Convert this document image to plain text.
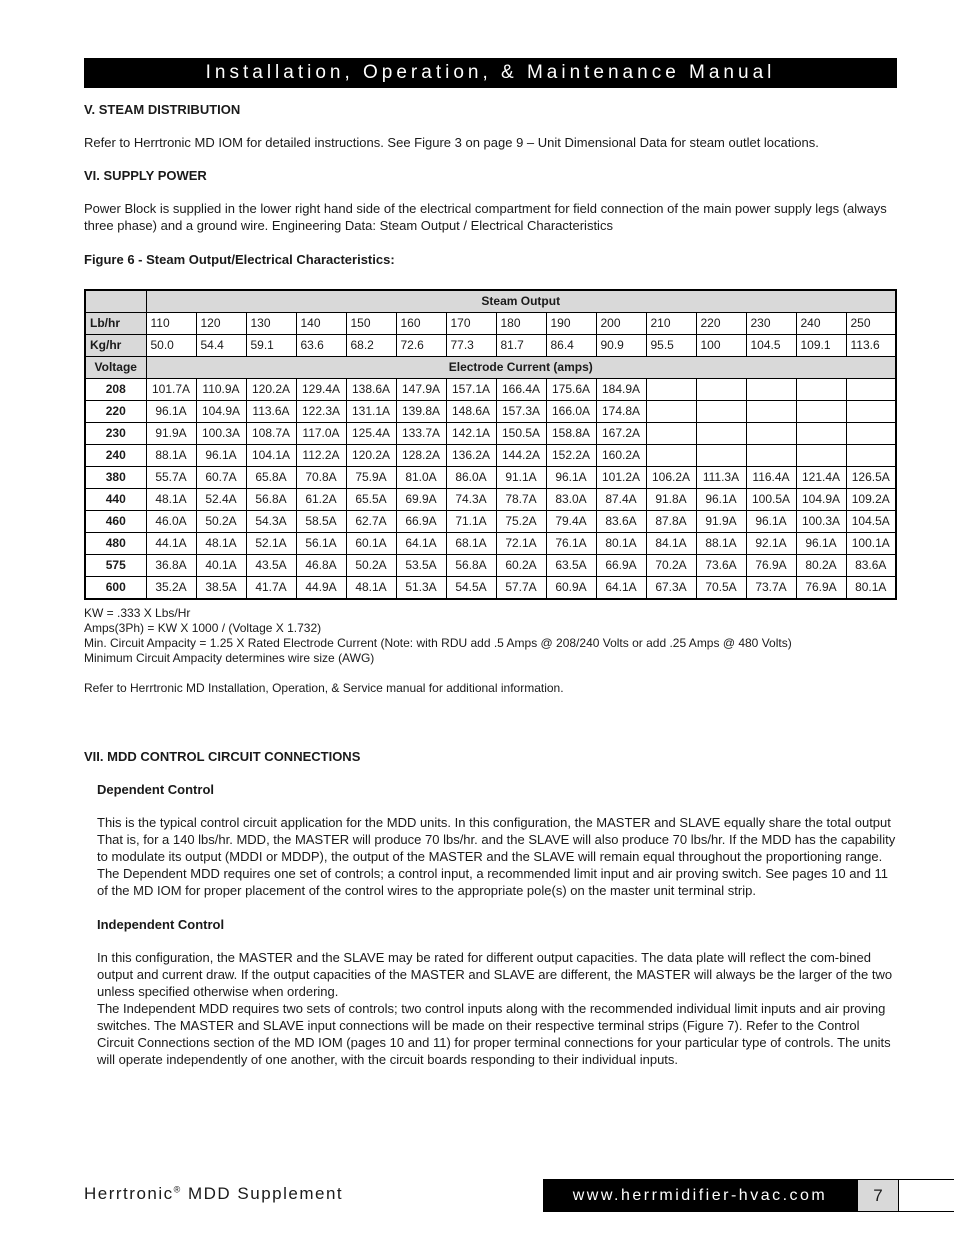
Installation, Operation, & Maintenance Manual

V. STEAM DISTRIBUTION

Refer to Herrtronic MD IOM for detailed instructions. See Figure 3 on page 9 – Unit Dimensional Data for steam outlet locations.

VI. SUPPLY POWER

Power Block is supplied in the lower right hand side of the electrical compartment for field connection of the main power supply legs (always three phase) and a ground wire. Engineering Data: Steam Output / Electrical Characteristics

Figure 6 - Steam Output/Electrical Characteristics:

	Steam Output														
Lb/hr	110	120	130	140	150	160	170	180	190	200	210	220	230	240	250
Kg/hr	50.0	54.4	59.1	63.6	68.2	72.6	77.3	81.7	86.4	90.9	95.5	100	104.5	109.1	113.6
Voltage	Electrode Current (amps)														
208	101.7A	110.9A	120.2A	129.4A	138.6A	147.9A	157.1A	166.4A	175.6A	184.9A					
220	96.1A	104.9A	113.6A	122.3A	131.1A	139.8A	148.6A	157.3A	166.0A	174.8A					
230	91.9A	100.3A	108.7A	117.0A	125.4A	133.7A	142.1A	150.5A	158.8A	167.2A					
240	88.1A	96.1A	104.1A	112.2A	120.2A	128.2A	136.2A	144.2A	152.2A	160.2A					
380	55.7A	60.7A	65.8A	70.8A	75.9A	81.0A	86.0A	91.1A	96.1A	101.2A	106.2A	111.3A	116.4A	121.4A	126.5A
440	48.1A	52.4A	56.8A	61.2A	65.5A	69.9A	74.3A	78.7A	83.0A	87.4A	91.8A	96.1A	100.5A	104.9A	109.2A
460	46.0A	50.2A	54.3A	58.5A	62.7A	66.9A	71.1A	75.2A	79.4A	83.6A	87.8A	91.9A	96.1A	100.3A	104.5A
480	44.1A	48.1A	52.1A	56.1A	60.1A	64.1A	68.1A	72.1A	76.1A	80.1A	84.1A	88.1A	92.1A	96.1A	100.1A
575	36.8A	40.1A	43.5A	46.8A	50.2A	53.5A	56.8A	60.2A	63.5A	66.9A	70.2A	73.6A	76.9A	80.2A	83.6A
600	35.2A	38.5A	41.7A	44.9A	48.1A	51.3A	54.5A	57.7A	60.9A	64.1A	67.3A	70.5A	73.7A	76.9A	80.1A

KW = .333 X Lbs/Hr

Amps(3Ph) = KW X 1000 / (Voltage X 1.732)

Min. Circuit Ampacity = 1.25 X Rated Electrode Current (Note: with RDU add .5 Amps @ 208/240 Volts or add .25 Amps @ 480 Volts)

Minimum Circuit Ampacity determines wire size (AWG)

Refer to Herrtronic MD Installation, Operation, & Service manual for additional information.

VII. MDD CONTROL CIRCUIT CONNECTIONS

Dependent Control

This is the typical control circuit application for the MDD units. In this configuration, the MASTER and SLAVE equally share the total output That is, for a 140 lbs/hr. MDD, the MASTER will produce 70 lbs/hr. and the SLAVE will also produce 70 lbs/hr. If the MDD has the capability to modulate its output (MDDI or MDDP), the output of the MASTER and the SLAVE will remain equal throughout the proportioning range.

The Dependent MDD requires one set of controls; a control input, a recommended limit input and air proving switch. See pages 10 and 11 of the MD IOM for proper placement of the control wires to the appropriate pole(s) on the master unit terminal strip.

Independent Control

In this configuration, the MASTER and the SLAVE may be rated for different output capacities. The data plate will reflect the com-bined output and current draw. If the output capacities of the MASTER and SLAVE are different, the MASTER will always be the larger of the two unless specified otherwise when ordering.

The Independent MDD requires two sets of controls; two control inputs along with the recommended individual limit inputs and air proving switches. The MASTER and SLAVE input connections will be made on their respective terminal strips (Figure 7). Refer to the Control Circuit Connections section of the MD IOM (pages 10 and 11) for proper terminal connections for your particular type of controls. The units will operate independently of one another, with the circuit boards responding to their individual inputs.

Herrtronic® MDD Supplement	www.herrmidifier-hvac.com	7
